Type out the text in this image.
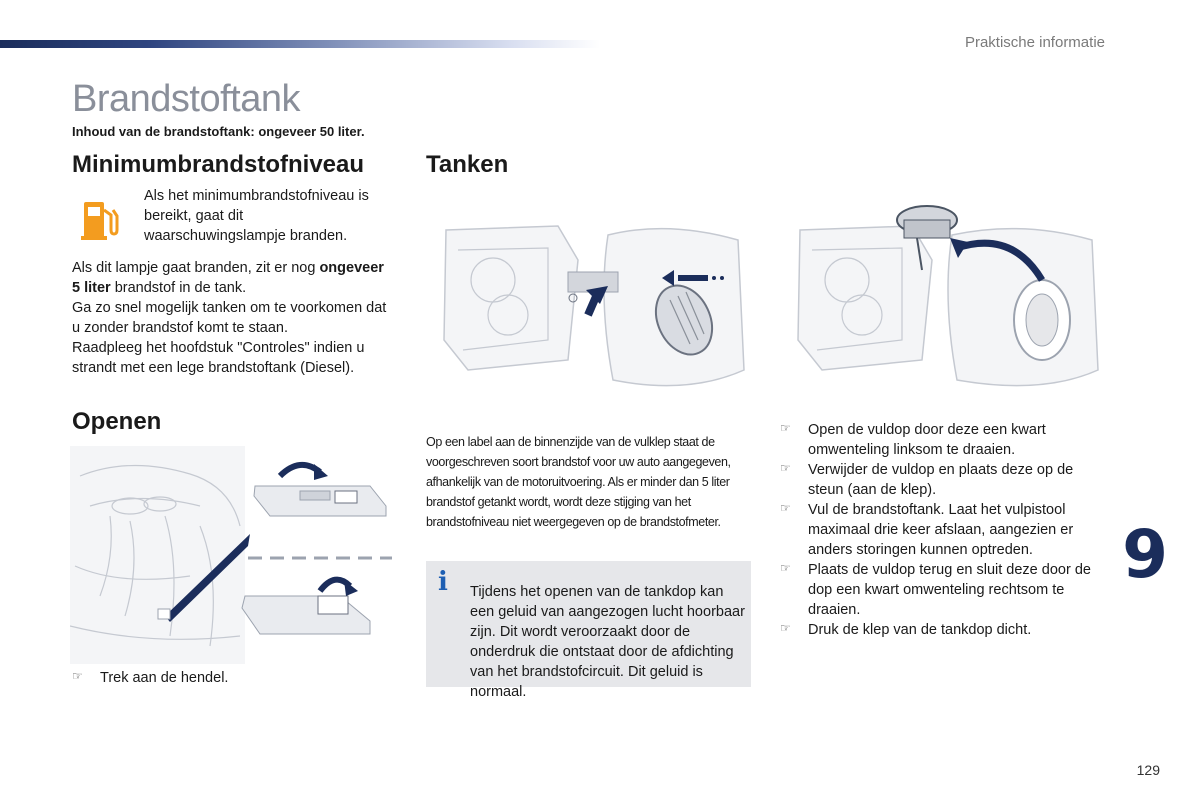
Praktische informatie
Brandstoftank
Inhoud van de brandstoftank: ongeveer 50 liter.
Minimumbrandstofniveau

Als het minimumbrandstofniveau is bereikt, gaat dit waarschuwingslampje branden.

Als dit lampje gaat branden, zit er nog ongeveer 5 liter brandstof in de tank.

Ga zo snel mogelijk tanken om te voorkomen dat u zonder brandstof komt te staan.

Raadpleeg het hoofdstuk "Controles" indien u strandt met een lege brandstoftank (Diesel).

Openen
☞ Trek aan de hendel.
Tanken

Op een label aan de binnenzijde van de vulklep staat de voorgeschreven soort brandstof voor uw auto aangegeven, afhankelijk van de motoruitvoering. Als er minder dan 5 liter brandstof getankt wordt, wordt deze stijging van het brandstofniveau niet weergegeven op de brandstofmeter.

i Tijdens het openen van de tankdop kan een geluid van aangezogen lucht hoorbaar zijn. Dit wordt veroorzaakt door de onderdruk die ontstaat door de afdichting van het brandstofcircuit. Dit geluid is normaal.

☞ Open de vuldop door deze een kwart omwenteling linksom te draaien.
☞ Verwijder de vuldop en plaats deze op de steun (aan de klep).
☞ Vul de brandstoftank. Laat het vulpistool maximaal drie keer afslaan, aangezien er anders storingen kunnen optreden.
☞ Plaats de vuldop terug en sluit deze door de dop een kwart omwenteling rechtsom te draaien.
☞ Druk de klep van de tankdop dicht.
9
129
